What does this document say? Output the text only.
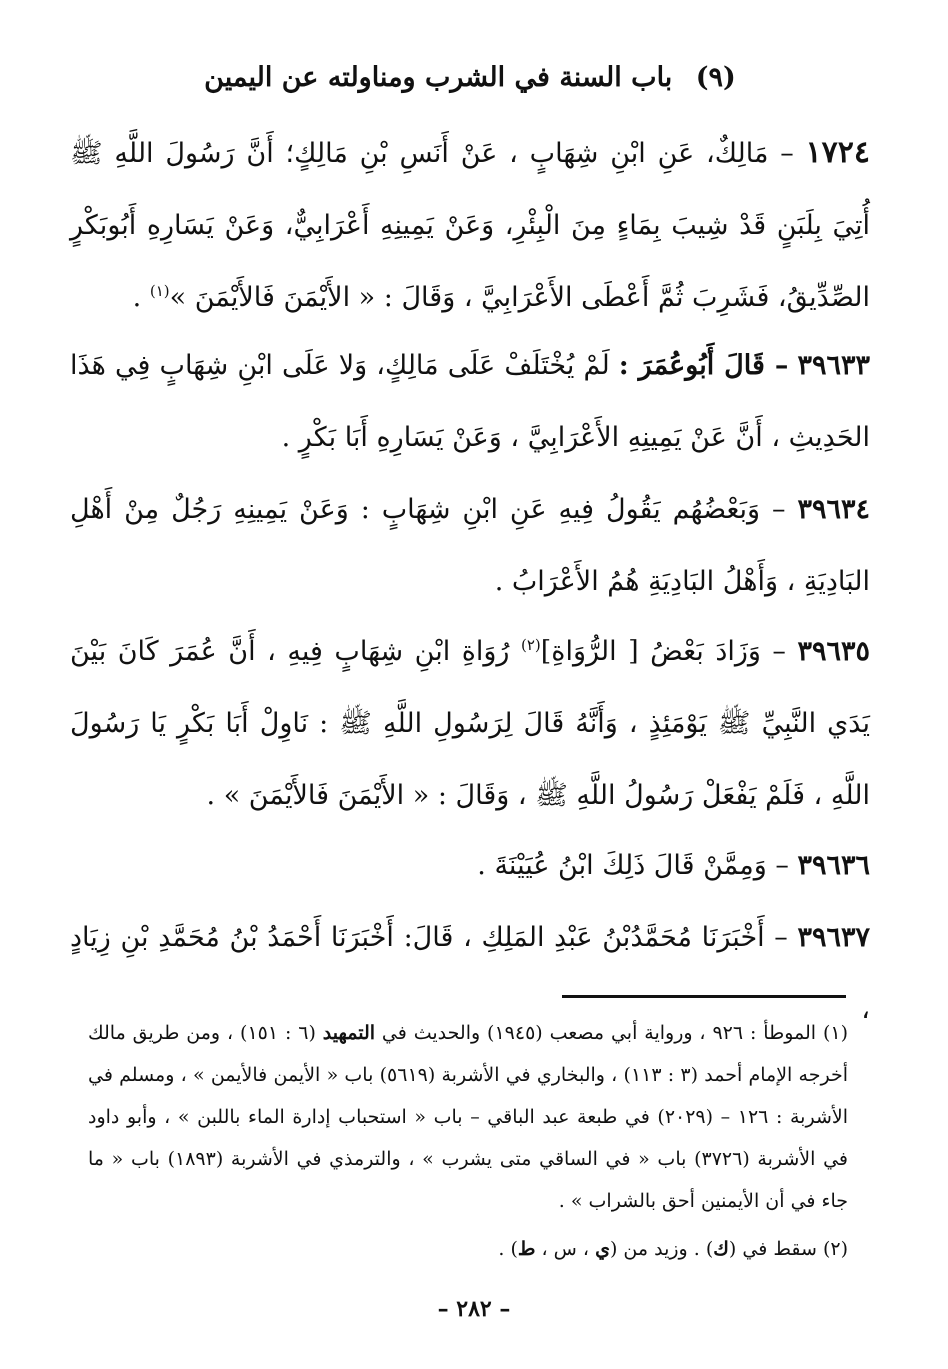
(٩) باب السنة في الشرب ومناولته عن اليمين
١٧٢٤ – مَالِكٌ، عَنِ ابْنِ شِهَابٍ ، عَنْ أَنَسِ بْنِ مَالِكٍ؛ أَنَّ رَسُولَ اللَّهِ ﷺ أُتِيَ بِلَبَنٍ قَدْ شِيبَ بِمَاءٍ مِنَ الْبِئْرِ، وَعَنْ يَمِينِهِ أَعْرَابِيٌّ، وَعَنْ يَسَارِهِ أَبُوبَكْرٍ الصِّدِّيقُ، فَشَرِبَ ثُمَّ أَعْطَى الأَعْرَابِيَّ ، وَقَالَ : « الأَيْمَنَ فَالأَيْمَنَ »$^{(١)}$ .
٣٩٦٣٣ – قَالَ أَبُوعُمَرَ : لَمْ يُخْتَلَفْ عَلَى مَالِكٍ، وَلا عَلَى ابْنِ شِهَابٍ فِي هَذَا الحَدِيثِ ، أَنَّ عَنْ يَمِينِهِ الأَعْرَابِيَّ ، وَعَنْ يَسَارِهِ أَبَا بَكْرٍ .
٣٩٦٣٤ – وَبَعْضُهُم يَقُولُ فِيهِ عَنِ ابْنِ شِهَابٍ : وَعَنْ يَمِينِهِ رَجُلٌ مِنْ أَهْلِ البَادِيَةِ ، وَأَهْلُ البَادِيَةِ هُمُ الأَعْرَابُ .
٣٩٦٣٥ – وَزَادَ بَعْضُ [ الرُّوَاةِ]$^{(٢)}$ رُوَاةِ ابْنِ شِهَابٍ فِيهِ ، أَنَّ عُمَرَ كَانَ بَيْنَ يَدَي النَّبِيِّ ﷺ يَوْمَئِذٍ ، وَأَنَّهُ قَالَ لِرَسُولِ اللَّهِ ﷺ : نَاوِلْ أَبَا بَكْرٍ يَا رَسُولَ اللَّهِ ، فَلَمْ يَفْعَلْ رَسُولُ اللَّهِ ﷺ ، وَقَالَ : « الأَيْمَنَ فَالأَيْمَنَ » .
٣٩٦٣٦ – وَمِمَّنْ قَالَ ذَلِكَ ابْنُ عُيَيْنَةَ .
٣٩٦٣٧ – أَخْبَرَنَا مُحَمَّدُبْنُ عَبْدِ المَلِكِ ، قَالَ: أَخْبَرَنَا أَحْمَدُ بْنُ مُحَمَّدِ بْنِ زِيَادٍ ،
(١) الموطأ : ٩٢٦ ، ورواية أبي مصعب (١٩٤٥) والحديث في التمهيد (٦ : ١٥١) ، ومن طريق مالك أخرجه الإمام أحمد (٣ : ١١٣) ، والبخاري في الأشربة (٥٦١٩) باب « الأيمن فالأيمن » ، ومسلم في الأشربة : ١٢٦ – (٢٠٢٩) في طبعة عبد الباقي – باب « استحباب إدارة الماء باللبن » ، وأبو داود في الأشربة (٣٧٢٦) باب « في الساقي متى يشرب » ، والترمذي في الأشربة (١٨٩٣) باب « ما جاء في أن الأيمنين أحق بالشراب » .
(٢) سقط في (ك) . وزيد من (ي ، س ، ط) .
– ٢٨٢ –
